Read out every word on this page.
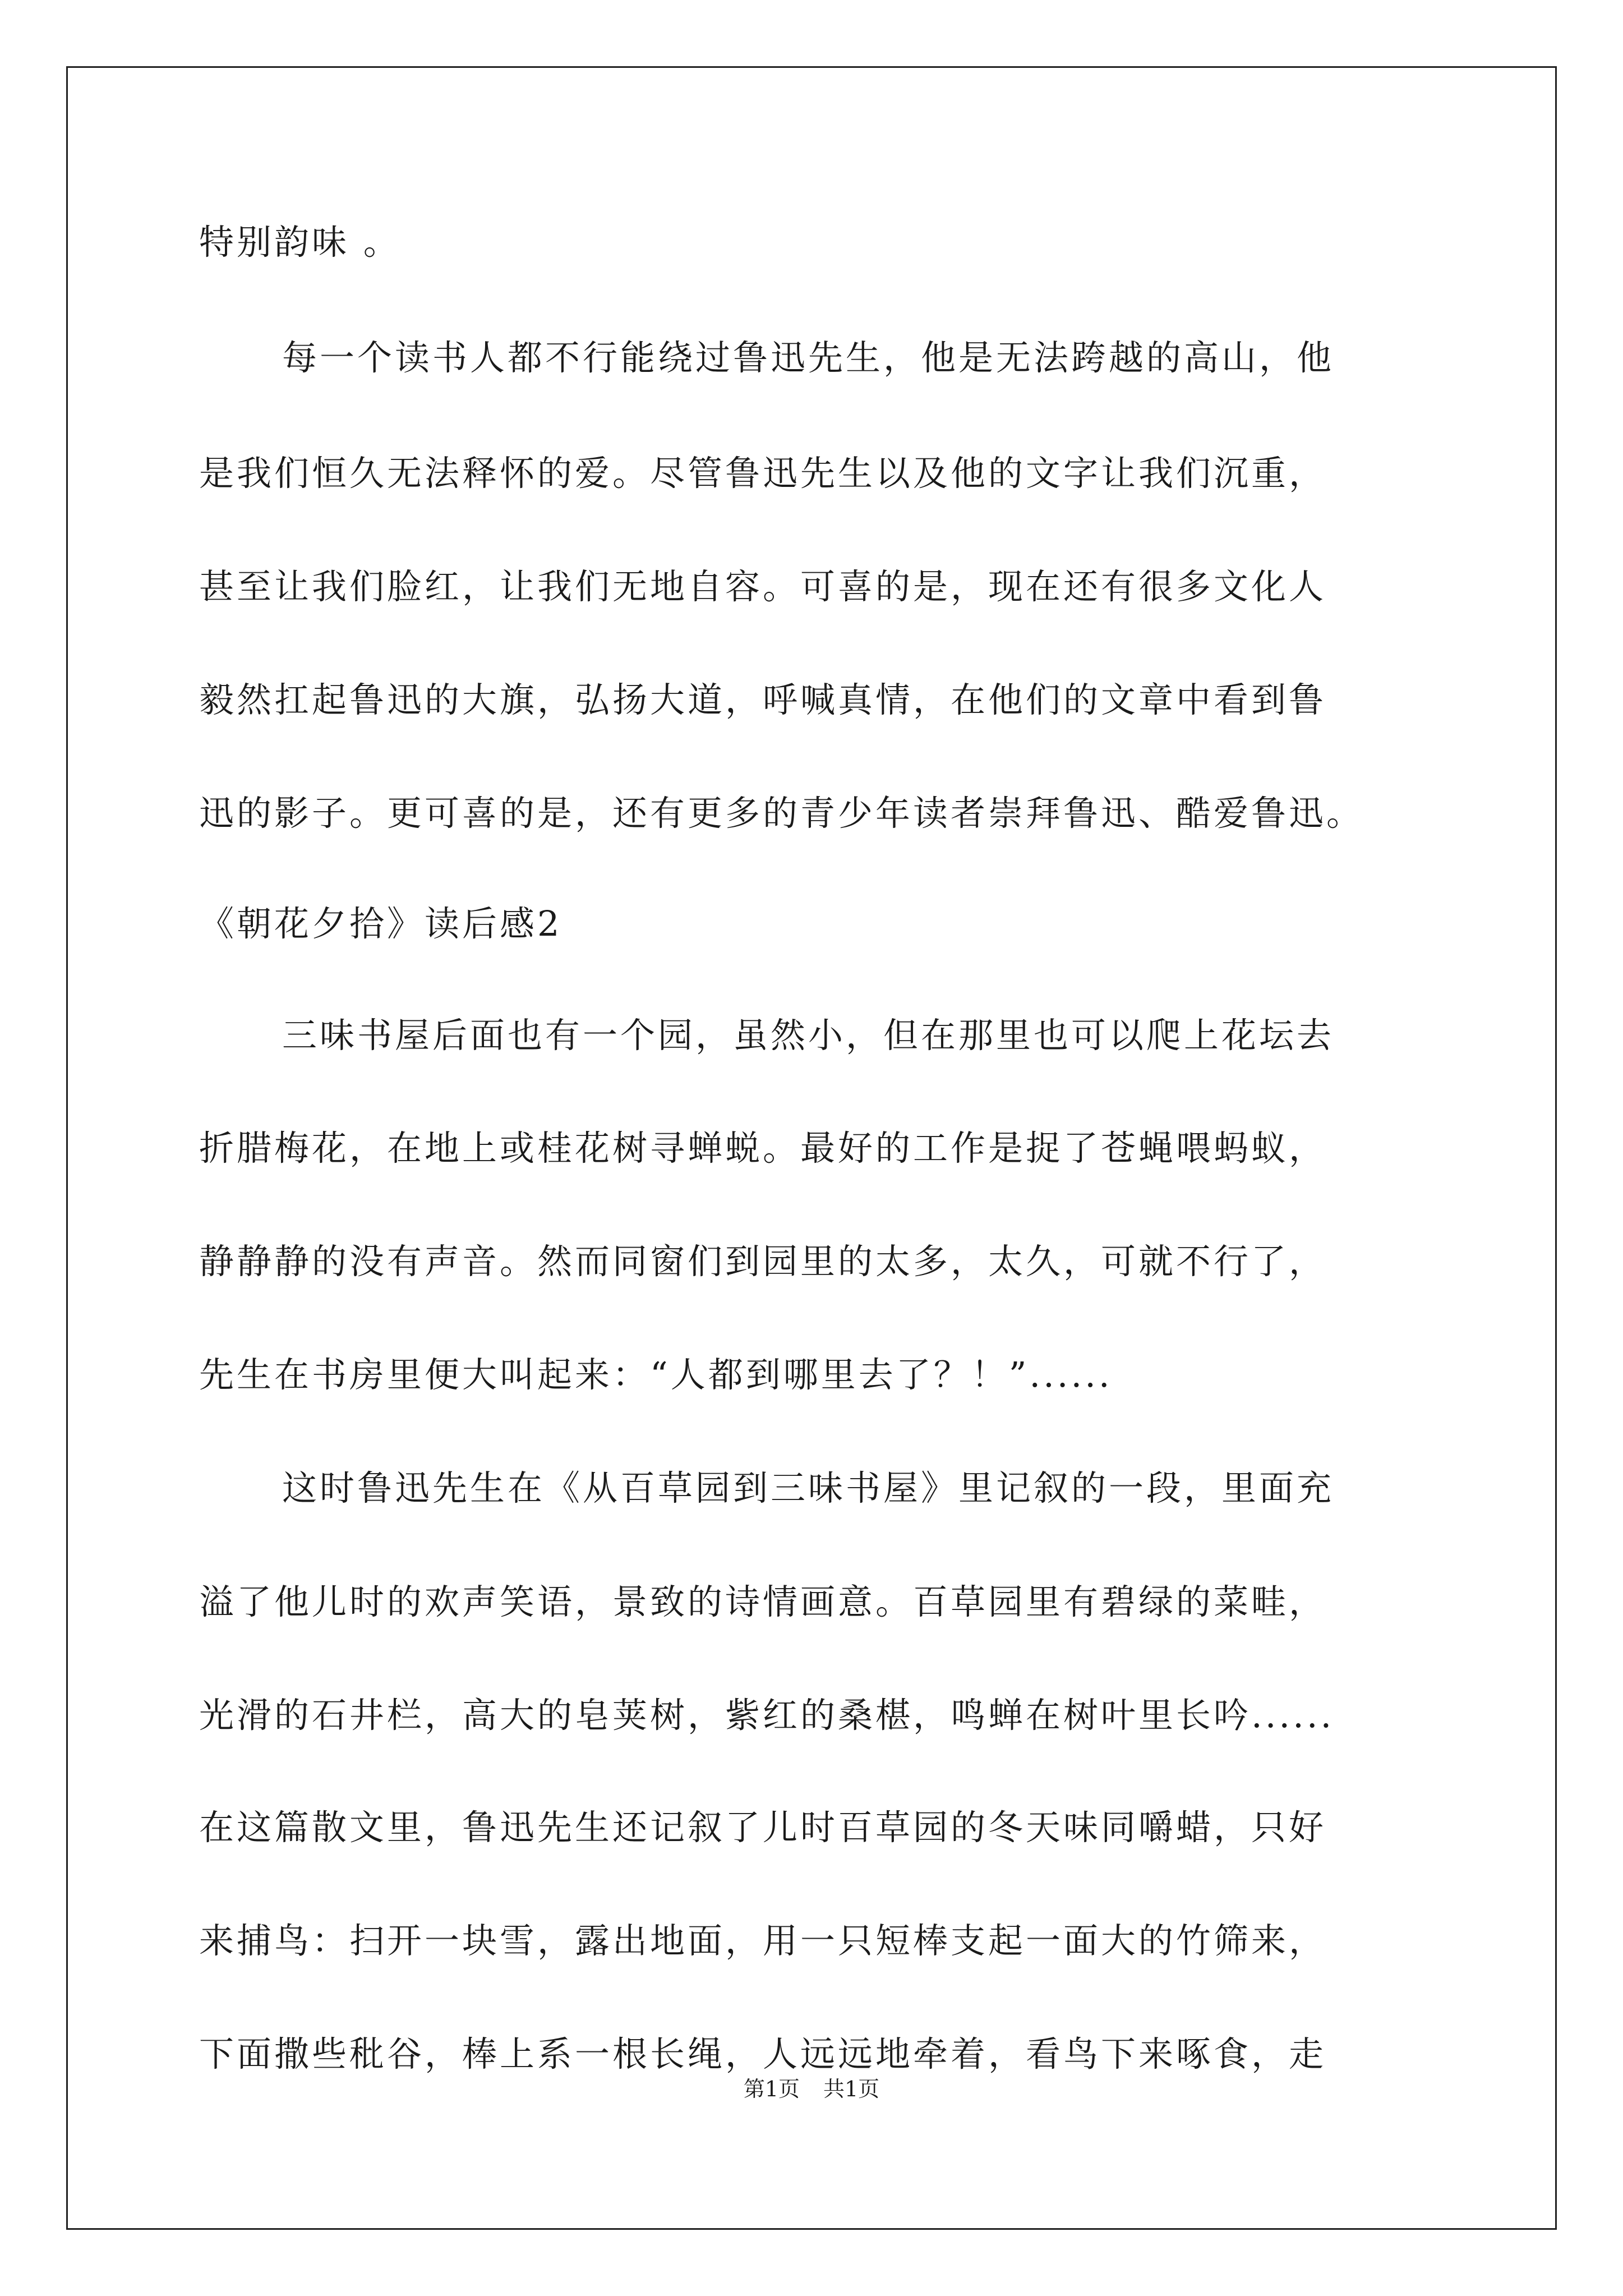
特别韵味 。
每一个读书人都不行能绕过鲁迅先生，他是无法跨越的高山，他
是我们恒久无法释怀的爱。尽管鲁迅先生以及他的文字让我们沉重，
甚至让我们脸红，让我们无地自容。可喜的是，现在还有很多文化人
毅然扛起鲁迅的大旗，弘扬大道，呼喊真情，在他们的文章中看到鲁
迅的影子。更可喜的是，还有更多的青少年读者崇拜鲁迅、酷爱鲁迅。
《朝花夕拾》读后感2
三味书屋后面也有一个园，虽然小，但在那里也可以爬上花坛去
折腊梅花，在地上或桂花树寻蝉蜕。最好的工作是捉了苍蝇喂蚂蚁，
静静静的没有声音。然而同窗们到园里的太多，太久，可就不行了，
先生在书房里便大叫起来：“人都到哪里去了？！”......
这时鲁迅先生在《从百草园到三味书屋》里记叙的一段，里面充
溢了他儿时的欢声笑语，景致的诗情画意。百草园里有碧绿的菜畦，
光滑的石井栏，高大的皂荚树，紫红的桑椹，鸣蝉在树叶里长吟......
在这篇散文里，鲁迅先生还记叙了儿时百草园的冬天味同嚼蜡，只好
来捕鸟：扫开一块雪，露出地面，用一只短棒支起一面大的竹筛来，
下面撒些秕谷，棒上系一根长绳，人远远地牵着，看鸟下来啄食，走
第1页 共1页
